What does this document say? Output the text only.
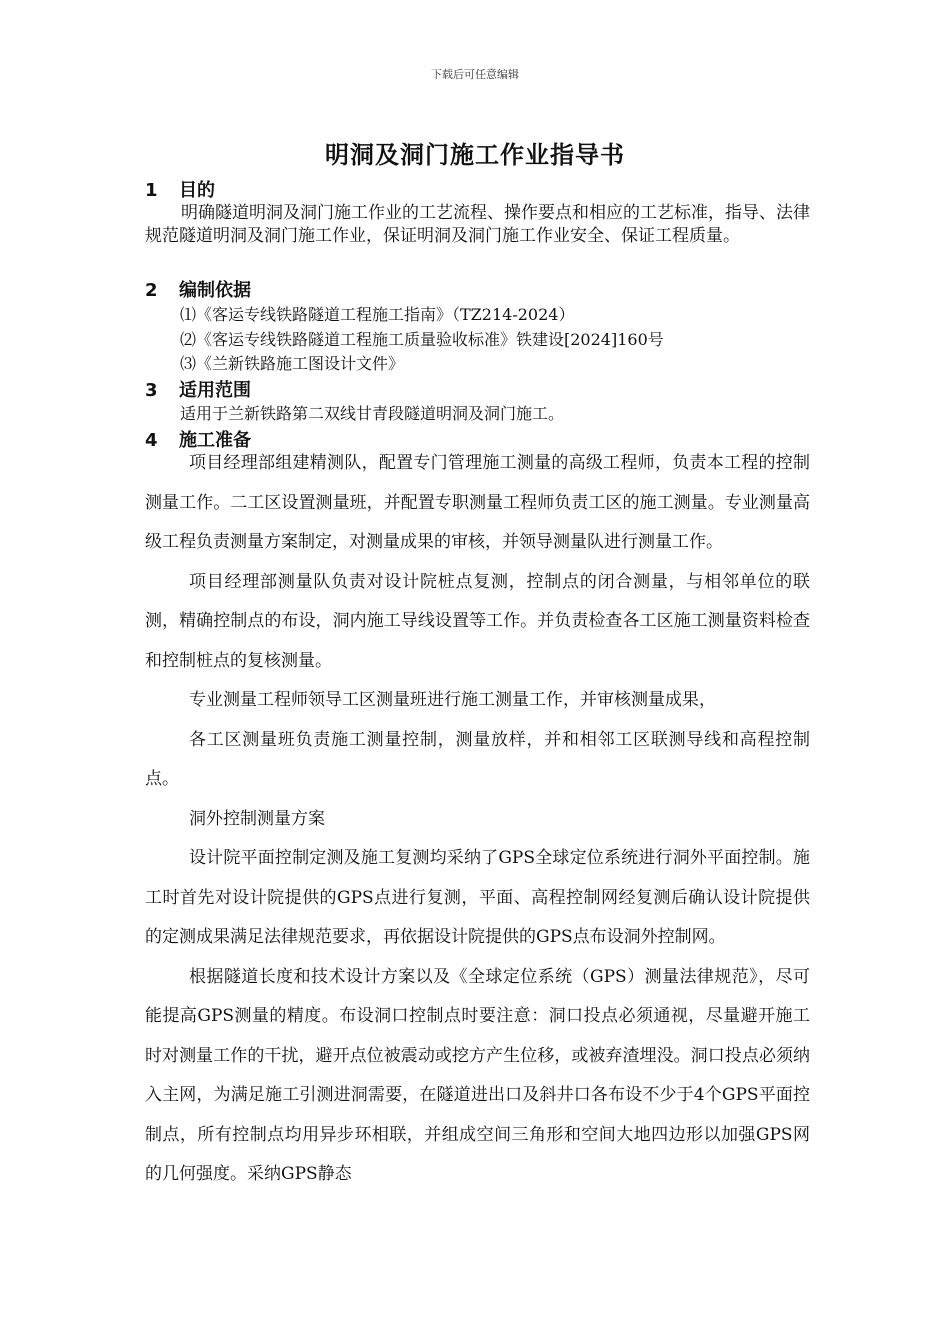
下载后可任意编辑
明洞及洞门施工作业指导书
1 目的

明确隧道明洞及洞门施工作业的工艺流程、操作要点和相应的工艺标准，指导、法律规范隧道明洞及洞门施工作业，保证明洞及洞门施工作业安全、保证工程质量。

2 编制依据
⑴《客运专线铁路隧道工程施工指南》（TZ214-2024）
⑵《客运专线铁路隧道工程施工质量验收标准》铁建设[2024]160号
⑶《兰新铁路施工图设计文件》
3 适用范围
适用于兰新铁路第二双线甘青段隧道明洞及洞门施工。
4 施工准备

项目经理部组建精测队，配置专门管理施工测量的高级工程师，负责本工程的控制测量工作。二工区设置测量班，并配置专职测量工程师负责工区的施工测量。专业测量高级工程负责测量方案制定，对测量成果的审核，并领导测量队进行测量工作。

项目经理部测量队负责对设计院桩点复测，控制点的闭合测量，与相邻单位的联测，精确控制点的布设，洞内施工导线设置等工作。并负责检查各工区施工测量资料检查和控制桩点的复核测量。

专业测量工程师领导工区测量班进行施工测量工作，并审核测量成果，

各工区测量班负责施工测量控制，测量放样，并和相邻工区联测导线和高程控制点。

洞外控制测量方案

设计院平面控制定测及施工复测均采纳了GPS全球定位系统进行洞外平面控制。施工时首先对设计院提供的GPS点进行复测，平面、高程控制网经复测后确认设计院提供的定测成果满足法律规范要求，再依据设计院提供的GPS点布设洞外控制网。

根据隧道长度和技术设计方案以及《全球定位系统（GPS）测量法律规范》，尽可能提高GPS测量的精度。布设洞口控制点时要注意：洞口投点必须通视，尽量避开施工时对测量工作的干扰，避开点位被震动或挖方产生位移，或被弃渣埋没。洞口投点必须纳入主网，为满足施工引测进洞需要，在隧道进出口及斜井口各布设不少于4个GPS平面控制点，所有控制点均用异步环相联，并组成空间三角形和空间大地四边形以加强GPS网的几何强度。采纳GPS静态
